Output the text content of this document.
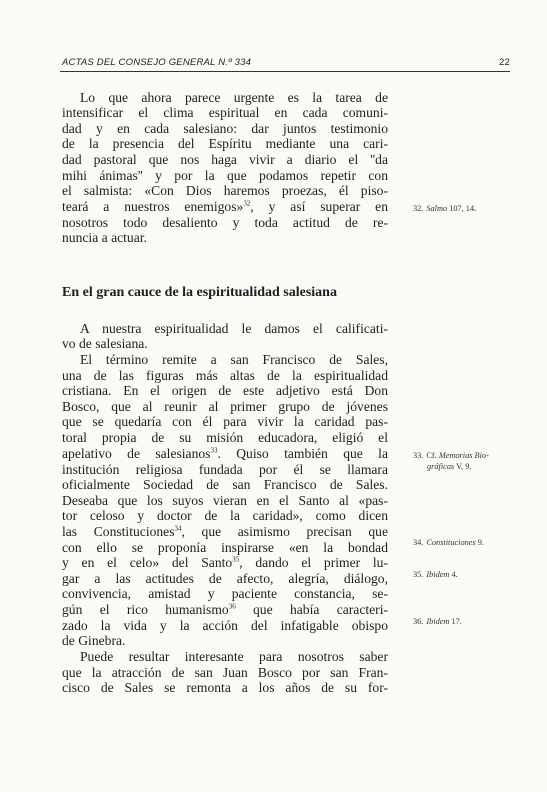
ACTAS DEL CONSEJO GENERAL N.º 334	22
Lo que ahora parece urgente es la tarea de
intensificar el clima espiritual en cada comuni-
dad y en cada salesiano: dar juntos testimonio
de la presencia del Espíritu mediante una cari-
dad pastoral que nos haga vivir a diario el ''da
mihi ánimas'' y por la que podamos repetir con
el salmista: «Con Dios haremos proezas, él piso-
teará a nuestros enemigos»$^{32}$, y así superar en
nosotros todo desaliento y toda actitud de re-
nuncia a actuar.
32. Salmo 107, 14.
En el gran cauce de la espiritualidad salesiana
A nuestra espiritualidad le damos el calificati-
vo de salesiana.
El término remite a san Francisco de Sales,
una de las figuras más altas de la espiritualidad
cristiana. En el origen de este adjetivo está Don
Bosco, que al reunir al primer grupo de jóvenes
que se quedaría con él para vivir la caridad pas-
toral propia de su misión educadora, eligió el
apelativo de salesianos$^{33}$. Quiso también que la
institución religiosa fundada por él se llamara
oficialmente Sociedad de san Francisco de Sales.
Deseaba que los suyos vieran en el Santo al «pas-
tor celoso y doctor de la caridad», como dicen
las Constituciones$^{34}$, que asimismo precisan que
con ello se proponía inspirarse «en la bondad
y en el celo» del Santo$^{35}$, dando el primer lu-
gar a las actitudes de afecto, alegría, diálogo,
convivencia, amistad y paciente constancia, se-
gún el rico humanismo$^{36}$ que había caracteri-
zado la vida y la acción del infatigable obispo
de Ginebra.
Puede resultar interesante para nosotros saber
que la atracción de san Juan Bosco por san Fran-
cisco de Sales se remonta a los años de su for-
33. Cf. Memorias Bio-
gráficas V, 9.
34. Constituciones 9.
35. Ibidem 4.
36. Ibidem 17.
